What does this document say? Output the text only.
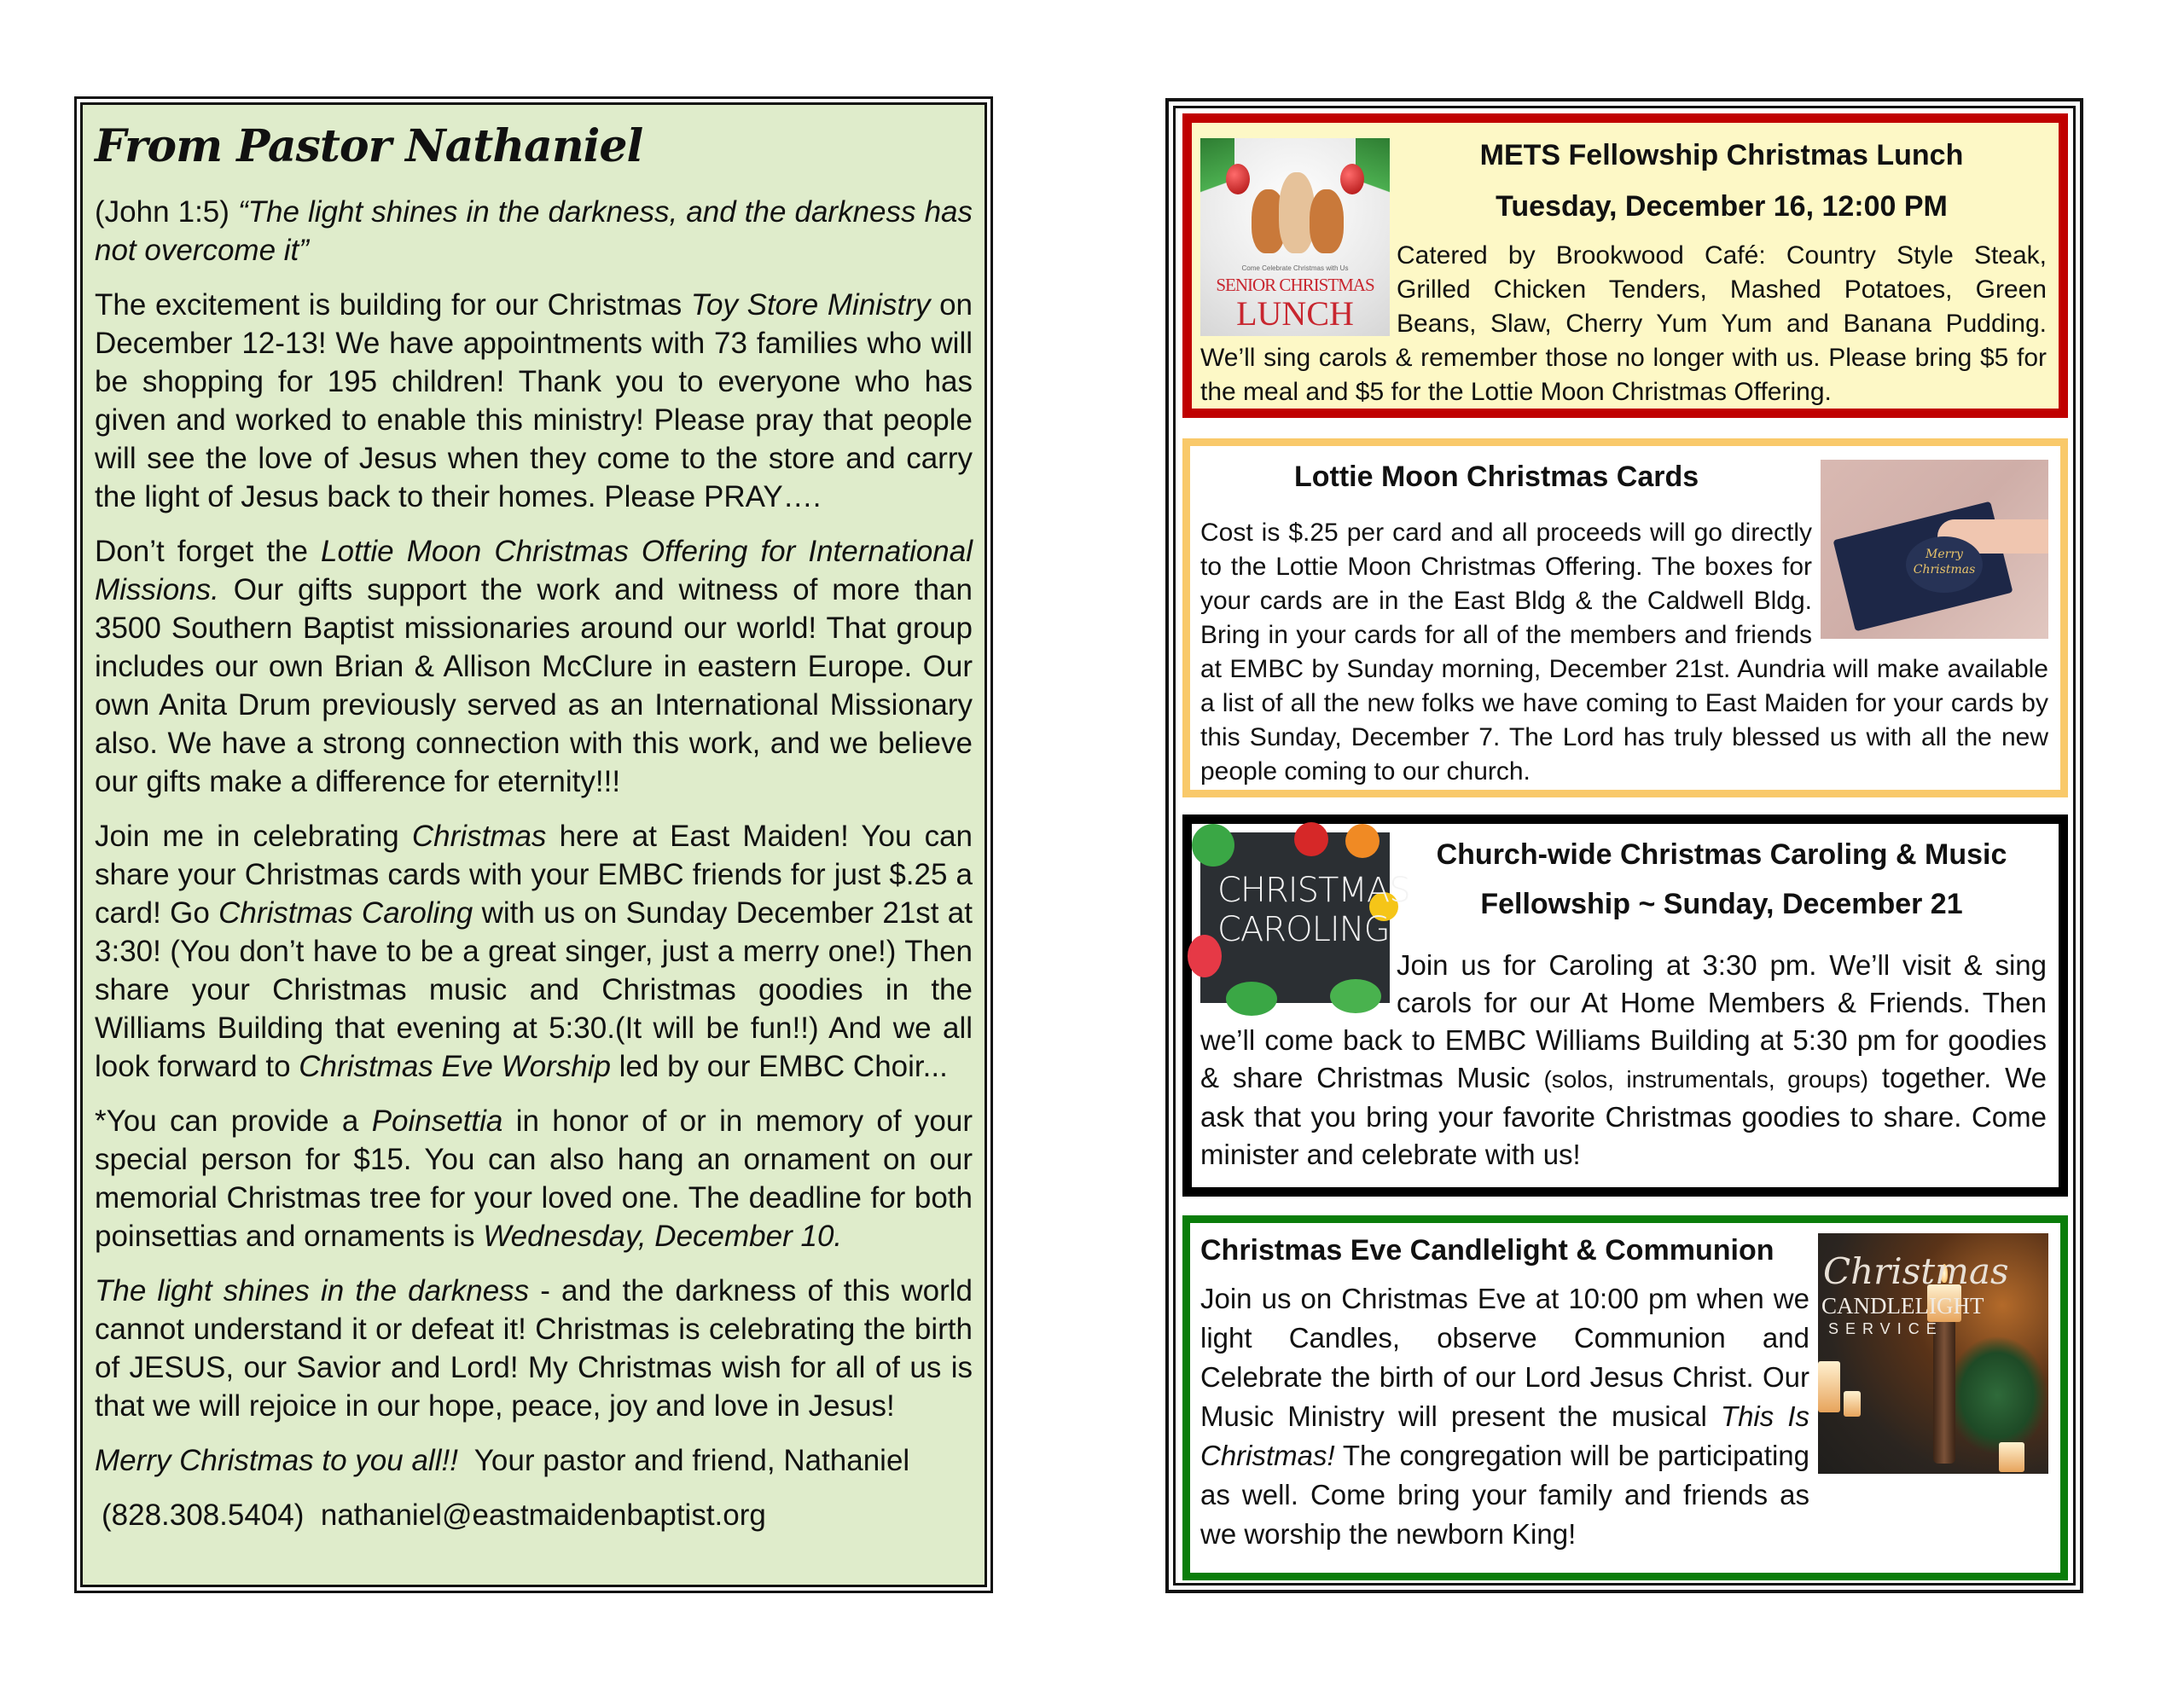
From Pastor Nathaniel

(John 1:5) “The light shines in the darkness, and the darkness has not overcome it”

The excitement is building for our Christmas Toy Store Ministry on December 12-13! We have appointments with 73 families who will be shopping for 195 children! Thank you to everyone who has given and worked to enable this ministry! Please pray that people will see the love of Jesus when they come to the store and carry the light of Jesus back to their homes. Please PRAY….

Don’t forget the Lottie Moon Christmas Offering for International Missions. Our gifts support the work and witness of more than 3500 Southern Baptist missionaries around our world! That group includes our own Brian & Allison McClure in eastern Europe. Our own Anita Drum previously served as an International Missionary also. We have a strong connection with this work, and we believe our gifts make a difference for eternity!!!

Join me in celebrating Christmas here at East Maiden! You can share your Christmas cards with your EMBC friends for just $.25 a card! Go Christmas Caroling with us on Sunday December 21st at 3:30! (You don’t have to be a great singer, just a merry one!) Then share your Christmas music and Christmas goodies in the Williams Building that evening at 5:30.(It will be fun!!) And we all look forward to Christmas Eve Worship led by our EMBC Choir...

*You can provide a Poinsettia in honor of or in memory of your special person for $15. You can also hang an ornament on our memorial Christmas tree for your loved one. The deadline for both poinsettias and ornaments is Wednesday, December 10.

The light shines in the darkness - and the darkness of this world cannot understand it or defeat it! Christmas is celebrating the birth of JESUS, our Savior and Lord! My Christmas wish for all of us is that we will rejoice in our hope, peace, joy and love in Jesus!

Merry Christmas to you all!!  Your pastor and friend, Nathaniel

(828.308.5404) nathaniel@eastmaidenbaptist.org

Come Celebrate Christmas with Us
SENIOR CHRISTMAS
LUNCH

METS Fellowship Christmas Lunch

Tuesday, December 16, 12:00 PM

Catered by Brookwood Café: Country Style Steak, Grilled Chicken Tenders, Mashed Potatoes, Green Beans, Slaw, Cherry Yum Yum and Banana Pudding. We’ll sing carols & remember those no longer with us. Please bring $5 for the meal and $5 for the Lottie Moon Christmas Offering.

Merry Christmas

Lottie Moon Christmas Cards

Cost is $.25 per card and all proceeds will go directly to the Lottie Moon Christmas Offering. The boxes for your cards are in the East Bldg & the Caldwell Bldg. Bring in your cards for all of the members and friends at EMBC by Sunday morning, December 21st. Aundria will make available a list of all the new folks we have coming to East Maiden for your cards by this Sunday, December 7. The Lord has truly blessed us with all the new people coming to our church.

CHRISTMAS
CAROLING

Church-wide Christmas Caroling & Music

Fellowship ~ Sunday, December 21

Join us for Caroling at 3:30 pm. We’ll visit & sing carols for our At Home Members & Friends. Then we’ll come back to EMBC Williams Building at 5:30 pm for goodies & share Christmas Music (solos, instrumentals, groups) together. We ask that you bring your favorite Christmas goodies to share. Come minister and celebrate with us!

Christmas
CANDLELIGHT
SERVICE

Christmas Eve Candlelight & Communion

Join us on Christmas Eve at 10:00 pm when we light Candles, observe Communion and Celebrate the birth of our Lord Jesus Christ. Our Music Ministry will present the musical This Is Christmas! The congregation will be participating as well. Come bring your family and friends as we worship the newborn King!
